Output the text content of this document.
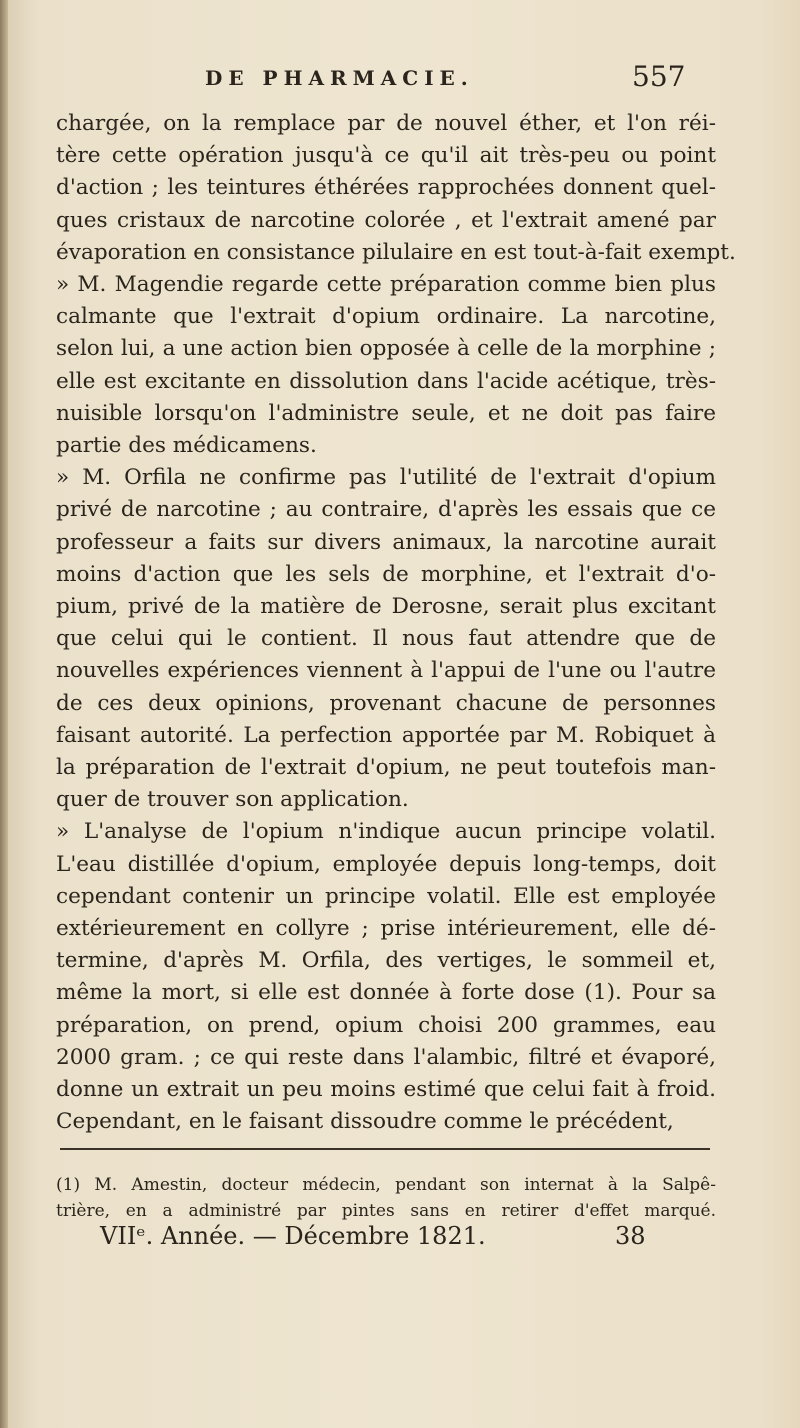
DE PHARMACIE.	557
chargée, on la remplace par de nouvel éther, et l'on réi-
tère cette opération jusqu'à ce qu'il ait très-peu ou point
d'action ; les teintures éthérées rapprochées donnent quel-
ques cristaux de narcotine colorée , et l'extrait amené par
évaporation en consistance pilulaire en est tout-à-fait exempt.
» M. Magendie regarde cette préparation comme bien plus
calmante que l'extrait d'opium ordinaire. La narcotine,
selon lui, a une action bien opposée à celle de la morphine ;
elle est excitante en dissolution dans l'acide acétique, très-
nuisible lorsqu'on l'administre seule, et ne doit pas faire
partie des médicamens.
» M. Orfila ne confirme pas l'utilité de l'extrait d'opium
privé de narcotine ; au contraire, d'après les essais que ce
professeur a faits sur divers animaux, la narcotine aurait
moins d'action que les sels de morphine, et l'extrait d'o-
pium, privé de la matière de Derosne, serait plus excitant
que celui qui le contient. Il nous faut attendre que de
nouvelles expériences viennent à l'appui de l'une ou l'autre
de ces deux opinions, provenant chacune de personnes
faisant autorité. La perfection apportée par M. Robiquet à
la préparation de l'extrait d'opium, ne peut toutefois man-
quer de trouver son application.
» L'analyse de l'opium n'indique aucun principe volatil.
L'eau distillée d'opium, employée depuis long-temps, doit
cependant contenir un principe volatil. Elle est employée
extérieurement en collyre ; prise intérieurement, elle dé-
termine, d'après M. Orfila, des vertiges, le sommeil et,
même la mort, si elle est donnée à forte dose (1). Pour sa
préparation, on prend, opium choisi 200 grammes, eau
2000 gram. ; ce qui reste dans l'alambic, filtré et évaporé,
donne un extrait un peu moins estimé que celui fait à froid.
Cependant, en le faisant dissoudre comme le précédent,
(1) M. Amestin, docteur médecin, pendant son internat à la Salpê-
trière, en a administré par pintes sans en retirer d'effet marqué.
VIIᵉ. Année. — Décembre 1821.	38
